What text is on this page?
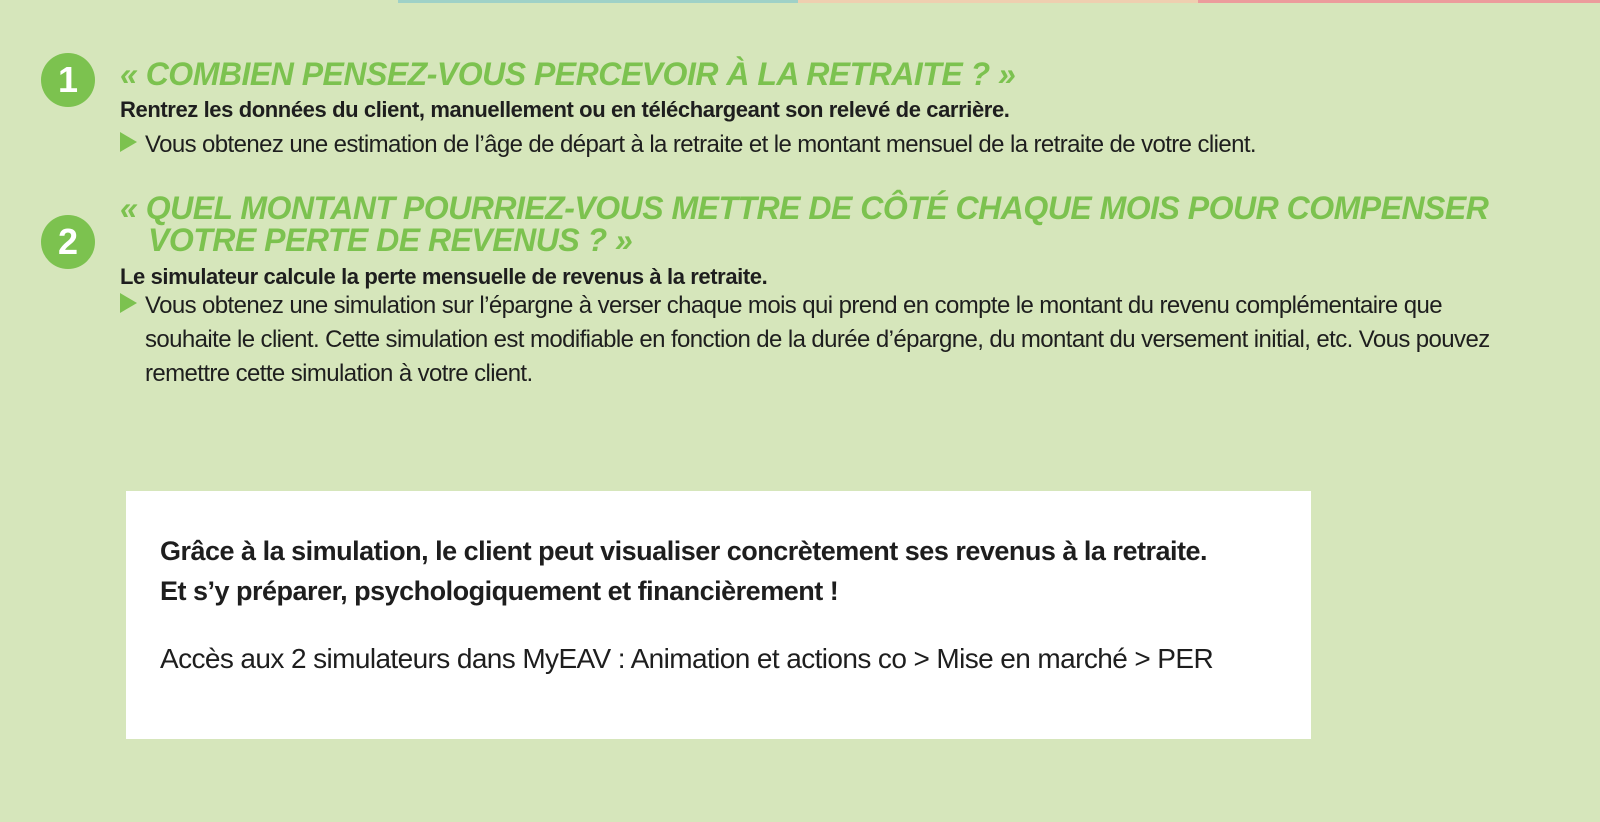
1	« COMBIEN PENSEZ-VOUS PERCEVOIR À LA RETRAITE ? »

Rentrez les données du client, manuellement ou en téléchargeant son relevé de carrière.

Vous obtenez une estimation de l’âge de départ à la retraite et le montant mensuel de la retraite de votre client.

2
« QUEL MONTANT POURRIEZ-VOUS METTRE DE CÔTÉ CHAQUE MOIS POUR COMPENSER
VOTRE PERTE DE REVENUS ? »

Le simulateur calcule la perte mensuelle de revenus à la retraite.

Vous obtenez une simulation sur l’épargne à verser chaque mois qui prend en compte le montant du revenu complémentaire que souhaite le client. Cette simulation est modifiable en fonction de la durée d’épargne, du montant du versement initial, etc. Vous pouvez remettre cette simulation à votre client.

Grâce à la simulation, le client peut visualiser concrètement ses revenus à la retraite.

Et s’y préparer, psychologiquement et financièrement !

Accès aux 2 simulateurs dans MyEAV : Animation et actions co > Mise en marché > PER
